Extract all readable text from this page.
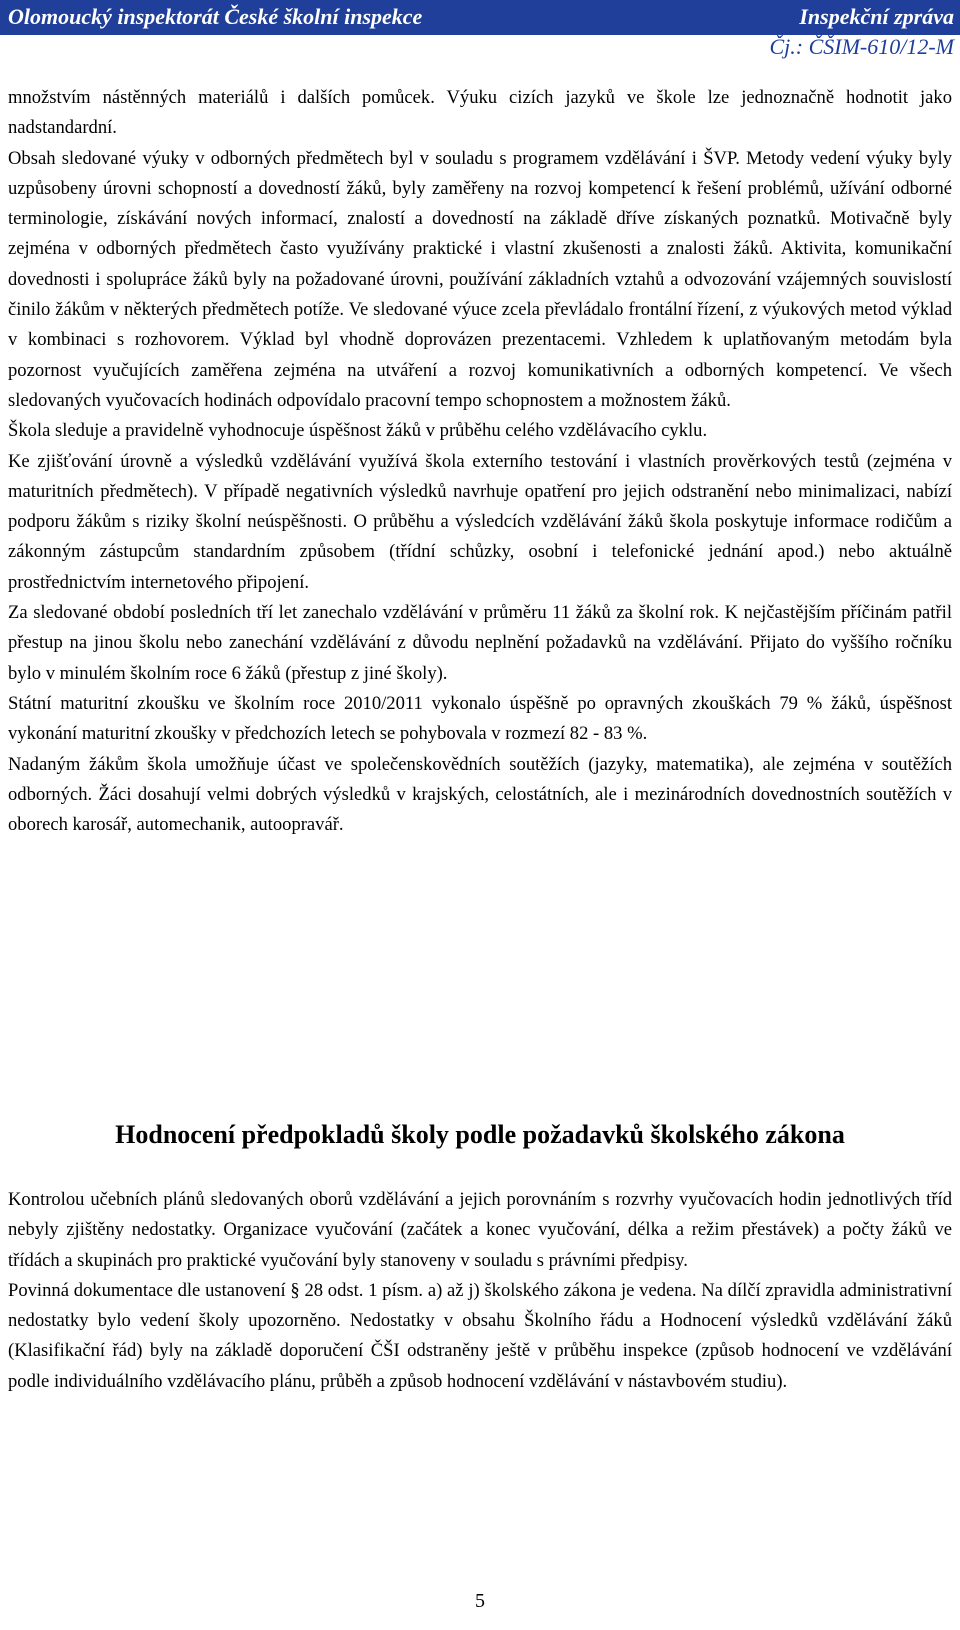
Olomoucký inspektorát České školní inspekce	Inspekční zpráva
Čj.: ČŠIM-610/12-M

množstvím nástěnných materiálů i dalších pomůcek. Výuku cizích jazyků ve škole lze jednoznačně hodnotit jako nadstandardní.

Obsah sledované výuky v odborných předmětech byl v souladu s programem vzdělávání i ŠVP. Metody vedení výuky byly uzpůsobeny úrovni schopností a dovedností žáků, byly zaměřeny na rozvoj kompetencí k řešení problémů, užívání odborné terminologie, získávání nových informací, znalostí a dovedností na základě dříve získaných poznatků. Motivačně byly zejména v odborných předmětech často využívány praktické i vlastní zkušenosti a znalosti žáků. Aktivita, komunikační dovednosti i spolupráce žáků byly na požadované úrovni, používání základních vztahů a odvozování vzájemných souvislostí činilo žákům v některých předmětech potíže. Ve sledované výuce zcela převládalo frontální řízení, z výukových metod výklad v kombinaci s rozhovorem. Výklad byl vhodně doprovázen prezentacemi. Vzhledem k uplatňovaným metodám byla pozornost vyučujících zaměřena zejména na utváření a rozvoj komunikativních a odborných kompetencí. Ve všech sledovaných vyučovacích hodinách odpovídalo pracovní tempo schopnostem a možnostem žáků.

Škola sleduje a pravidelně vyhodnocuje úspěšnost žáků v průběhu celého vzdělávacího cyklu.

Ke zjišťování úrovně a výsledků vzdělávání využívá škola externího testování i vlastních prověrkových testů (zejména v maturitních předmětech). V případě negativních výsledků navrhuje opatření pro jejich odstranění nebo minimalizaci, nabízí podporu žákům s riziky školní neúspěšnosti. O průběhu a výsledcích vzdělávání žáků škola poskytuje informace rodičům a zákonným zástupcům standardním způsobem (třídní schůzky, osobní i telefonické jednání apod.) nebo aktuálně prostřednictvím internetového připojení.

Za sledované období posledních tří let zanechalo vzdělávání v průměru 11 žáků za školní rok. K nejčastějším příčinám patřil přestup na jinou školu nebo zanechání vzdělávání z důvodu neplnění požadavků na vzdělávání. Přijato do vyššího ročníku bylo v minulém školním roce 6 žáků (přestup z jiné školy).

Státní maturitní zkoušku ve školním roce 2010/2011 vykonalo úspěšně po opravných zkouškách 79 % žáků, úspěšnost vykonání maturitní zkoušky v předchozích letech se pohybovala v rozmezí 82 - 83 %.

Nadaným žákům škola umožňuje účast ve společenskovědních soutěžích (jazyky, matematika), ale zejména v soutěžích odborných. Žáci dosahují velmi dobrých výsledků v krajských, celostátních, ale i mezinárodních dovednostních soutěžích v oborech karosář, automechanik, autoopravář.

Hodnocení předpokladů školy podle požadavků školského zákona

Kontrolou učebních plánů sledovaných oborů vzdělávání a jejich porovnáním s rozvrhy vyučovacích hodin jednotlivých tříd nebyly zjištěny nedostatky. Organizace vyučování (začátek a konec vyučování, délka a režim přestávek) a počty žáků ve třídách a skupinách pro praktické vyučování byly stanoveny v souladu s právními předpisy.

Povinná dokumentace dle ustanovení § 28 odst. 1 písm. a) až j) školského zákona je vedena. Na dílčí zpravidla administrativní nedostatky bylo vedení školy upozorněno. Nedostatky v obsahu Školního řádu a Hodnocení výsledků vzdělávání žáků (Klasifikační řád) byly na základě doporučení ČŠI odstraněny ještě v průběhu inspekce (způsob hodnocení ve vzdělávání podle individuálního vzdělávacího plánu, průběh a způsob hodnocení vzdělávání v nástavbovém studiu).

5
